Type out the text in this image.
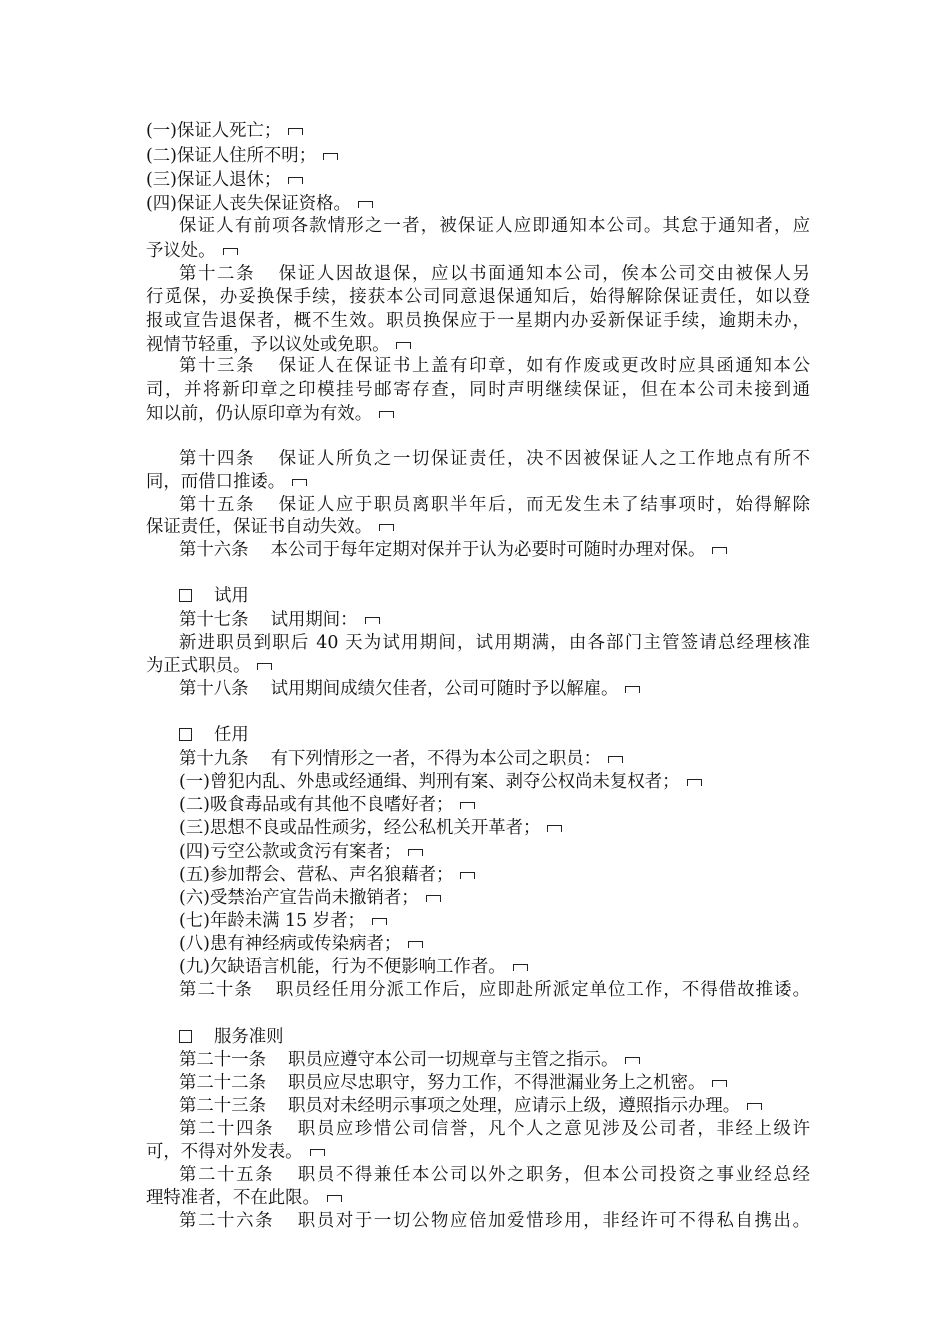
(一)保证人死亡；
(二)保证人住所不明；
(三)保证人退休；
(四)保证人丧失保证资格。
保证人有前项各款情形之一者，被保证人应即通知本公司。其怠于通知者，应
予议处。
第十二条 保证人因故退保，应以书面通知本公司，俟本公司交由被保人另
行觅保，办妥换保手续，接获本公司同意退保通知后，始得解除保证责任，如以登
报或宣告退保者，概不生效。职员换保应于一星期内办妥新保证手续，逾期未办，
视情节轻重，予以议处或免职。
第十三条 保证人在保证书上盖有印章，如有作废或更改时应具函通知本公
司，并将新印章之印模挂号邮寄存查，同时声明继续保证，但在本公司未接到通
知以前，仍认原印章为有效。
第十四条 保证人所负之一切保证责任，决不因被保证人之工作地点有所不
同，而借口推诿。
第十五条 保证人应于职员离职半年后，而无发生未了结事项时，始得解除
保证责任，保证书自动失效。
第十六条 本公司于每年定期对保并于认为必要时可随时办理对保。
试用
第十七条 试用期间：
新进职员到职后 40 天为试用期间，试用期满，由各部门主管签请总经理核准
为正式职员。
第十八条 试用期间成绩欠佳者，公司可随时予以解雇。
任用
第十九条 有下列情形之一者，不得为本公司之职员：
(一)曾犯内乱、外患或经通缉、判刑有案、剥夺公权尚未复权者；
(二)吸食毒品或有其他不良嗜好者；
(三)思想不良或品性顽劣，经公私机关开革者；
(四)亏空公款或贪污有案者；
(五)参加帮会、营私、声名狼藉者；
(六)受禁治产宣告尚未撤销者；
(七)年龄未满 15 岁者；
(八)患有神经病或传染病者；
(九)欠缺语言机能，行为不便影响工作者。
第二十条 职员经任用分派工作后，应即赴所派定单位工作，不得借故推诿。
服务准则
第二十一条 职员应遵守本公司一切规章与主管之指示。
第二十二条 职员应尽忠职守，努力工作，不得泄漏业务上之机密。
第二十三条 职员对未经明示事项之处理，应请示上级，遵照指示办理。
第二十四条 职员应珍惜公司信誉，凡个人之意见涉及公司者，非经上级许
可，不得对外发表。
第二十五条 职员不得兼任本公司以外之职务，但本公司投资之事业经总经
理特准者，不在此限。
第二十六条 职员对于一切公物应倍加爱惜珍用，非经许可不得私自携出。
